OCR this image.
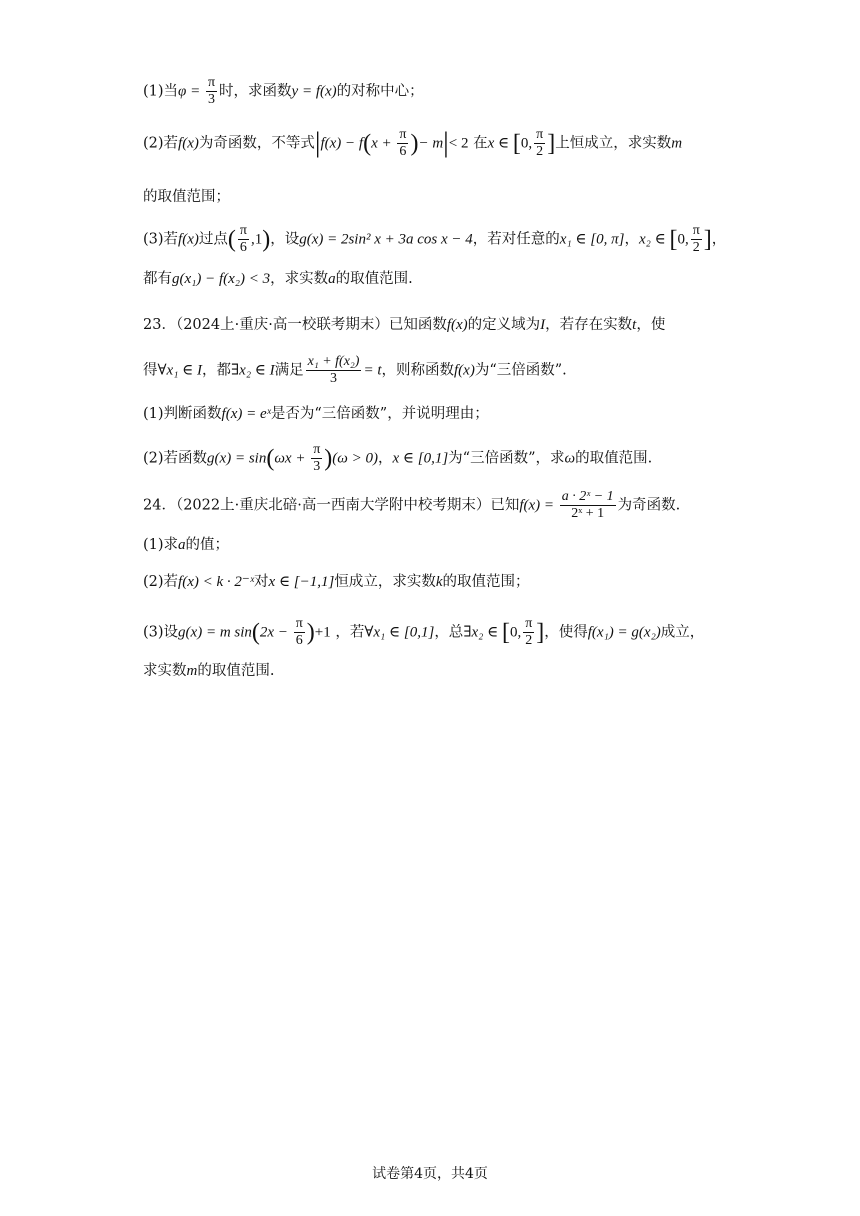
(1)当$\varphi = \frac{\pi}{3}$ 时，求函数y = f(x)的对称中心；
(2)若f(x)为奇函数，不等式$|f(x) - f(x + \frac{\pi}{6}$ )− m|< 2 在x ∈ [0, $\frac{\pi}{2}$ ]上恒成立，求实数m
的取值范围；
(3)若f(x)过点( $\frac{\pi}{6} ,1$)，设g(x) = 2sin² x + 3a cos x − 4，若对任意的x₁ ∈ [0, π]，x₂ ∈ [0, $\frac{\pi}{2}$ ]，
都有g(x₁) − f(x₂) < 3，求实数a的取值范围.
23．（2024上·重庆·高一校联考期末）已知函数f(x)的定义域为I，若存在实数t，使
得∀x₁ ∈ I，都∃x₂ ∈ I满足 $\frac{\text{x₁ + f(x₂)}}{3} = t$，则称函数f(x)为“三倍函数”.
(1)判断函数f(x) = eˣ是否为“三倍函数”，并说明理由；
(2)若函数$g(x) = \sin(\omega x + \frac{\pi}{3} )(\omega > 0)$，x ∈ [0,1]为“三倍函数”，求ω的取值范围.
24．（2022上·重庆北碚·高一西南大学附中校考期末）已知$f(x) = \frac{\text{a · 2ˣ − 1}}{\text{2ˣ + 1}}$ 为奇函数.
(1)求a的值；
(2)若f(x) < k · 2⁻ˣ对x ∈ [−1,1]恒成立，求实数k的取值范围；
(3)设g(x) = m $\sin(2x - \frac{\pi}{6} )+1$ ，若∀x₁ ∈ [0,1]，总∃x₂ ∈ [0, $\frac{\pi}{2}$ ]，使得f(x₁) = g(x₂)成立，
求实数m的取值范围.
试卷第4页，共4页
